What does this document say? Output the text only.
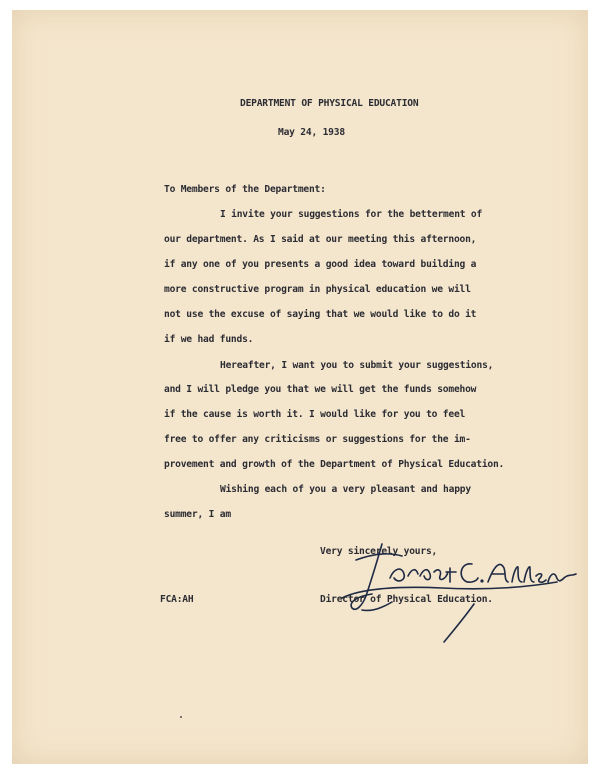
DEPARTMENT OF PHYSICAL EDUCATION
May 24, 1938
To Members of the Department:
I invite your suggestions for the betterment of
our department. As I said at our meeting this afternoon,
if any one of you presents a good idea toward building a
more constructive program in physical education we will
not use the excuse of saying that we would like to do it
if we had funds.
Hereafter, I want you to submit your suggestions,
and I will pledge you that we will get the funds somehow
if the cause is worth it. I would like for you to feel
free to offer any criticisms or suggestions for the im-
provement and growth of the Department of Physical Education.
Wishing each of you a very pleasant and happy
summer, I am
Very sincerely yours,
Director of Physical Education.
FCA:AH
